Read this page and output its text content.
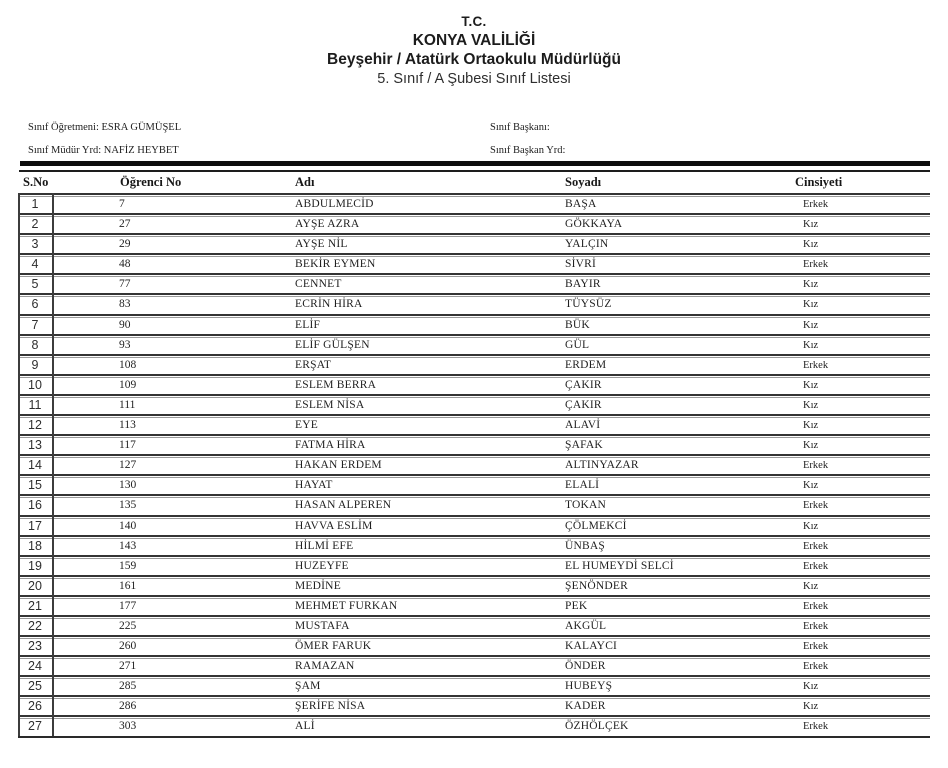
T.C.
KONYA VALİLİĞİ
Beyşehir / Atatürk Ortaokulu Müdürlüğü
5. Sınıf / A Şubesi Sınıf Listesi
Sınıf Öğretmeni: ESRA GÜMÜŞEL	Sınıf Başkanı:
Sınıf Müdür Yrd: NAFİZ HEYBET	Sınıf Başkan Yrd:
S.No	Öğrenci No	Adı	Soyadı	Cinsiyeti
1	7	ABDULMECİD	BAŞA	Erkek
2	27	AYŞE AZRA	GÖKKAYA	Kız
3	29	AYŞE NİL	YALÇIN	Kız
4	48	BEKİR EYMEN	SİVRİ	Erkek
5	77	CENNET	BAYIR	Kız
6	83	ECRİN HİRA	TÜYSÜZ	Kız
7	90	ELİF	BÜK	Kız
8	93	ELİF GÜLŞEN	GÜL	Kız
9	108	ERŞAT	ERDEM	Erkek
10	109	ESLEM BERRA	ÇAKIR	Kız
11	111	ESLEM NİSA	ÇAKIR	Kız
12	113	EYE	ALAVİ	Kız
13	117	FATMA HİRA	ŞAFAK	Kız
14	127	HAKAN ERDEM	ALTINYAZAR	Erkek
15	130	HAYAT	ELALİ	Kız
16	135	HASAN ALPEREN	TOKAN	Erkek
17	140	HAVVA ESLİM	ÇÖLMEKCİ	Kız
18	143	HİLMİ EFE	ÜNBAŞ	Erkek
19	159	HUZEYFE	EL HUMEYDİ SELCİ	Erkek
20	161	MEDİNE	ŞENÖNDER	Kız
21	177	MEHMET FURKAN	PEK	Erkek
22	225	MUSTAFA	AKGÜL	Erkek
23	260	ÖMER FARUK	KALAYCI	Erkek
24	271	RAMAZAN	ÖNDER	Erkek
25	285	ŞAM	HUBEYŞ	Kız
26	286	ŞERİFE NİSA	KADER	Kız
27	303	ALİ	ÖZHÖLÇEK	Erkek
